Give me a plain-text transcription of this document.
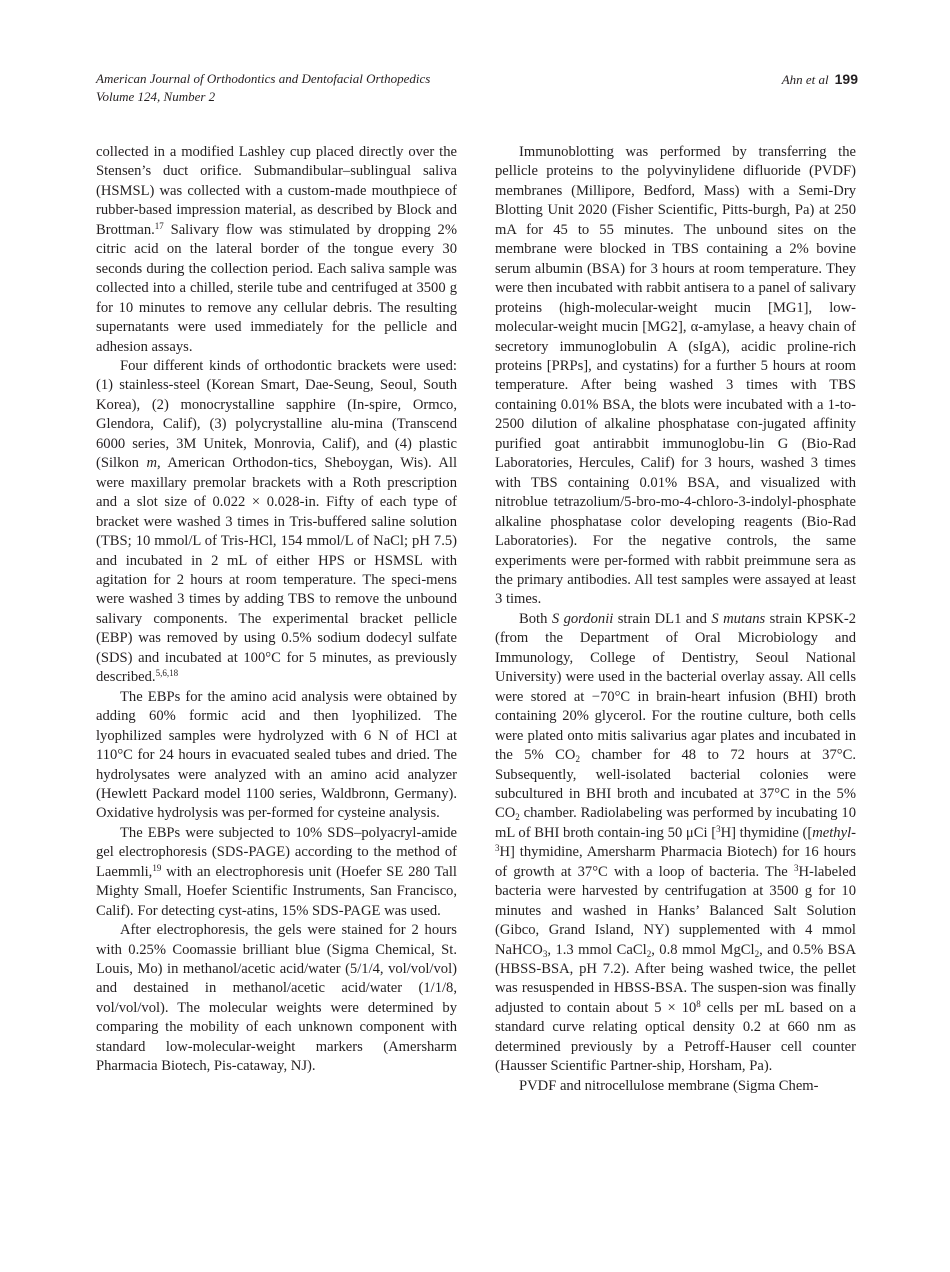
American Journal of Orthodontics and Dentofacial Orthopedics
Volume 124, Number 2
Ahn et al 199

collected in a modified Lashley cup placed directly over the Stensen’s duct orifice. Submandibular–sublingual saliva (HSMSL) was collected with a custom-made mouthpiece of rubber-based impression material, as described by Block and Brottman.$^{17}$ Salivary flow was stimulated by dropping 2% citric acid on the lateral border of the tongue every 30 seconds during the collection period. Each saliva sample was collected into a chilled, sterile tube and centrifuged at 3500 g for 10 minutes to remove any cellular debris. The resulting supernatants were used immediately for the pellicle and adhesion assays.

Four different kinds of orthodontic brackets were used: (1) stainless-steel (Korean Smart, Dae-Seung, Seoul, South Korea), (2) monocrystalline sapphire (In-spire, Ormco, Glendora, Calif), (3) polycrystalline alu-mina (Transcend 6000 series, 3M Unitek, Monrovia, Calif), and (4) plastic (Silkon m, American Orthodon-tics, Sheboygan, Wis). All were maxillary premolar brackets with a Roth prescription and a slot size of 0.022 × 0.028-in. Fifty of each type of bracket were washed 3 times in Tris-buffered saline solution (TBS; 10 mmol/L of Tris-HCl, 154 mmol/L of NaCl; pH 7.5) and incubated in 2 mL of either HPS or HSMSL with agitation for 2 hours at room temperature. The speci-mens were washed 3 times by adding TBS to remove the unbound salivary components. The experimental bracket pellicle (EBP) was removed by using 0.5% sodium dodecyl sulfate (SDS) and incubated at 100°C for 5 minutes, as previously described.$^{5,6,18}$

The EBPs for the amino acid analysis were obtained by adding 60% formic acid and then lyophilized. The lyophilized samples were hydrolyzed with 6 N of HCl at 110°C for 24 hours in evacuated sealed tubes and dried. The hydrolysates were analyzed with an amino acid analyzer (Hewlett Packard model 1100 series, Waldbronn, Germany). Oxidative hydrolysis was per-formed for cysteine analysis.

The EBPs were subjected to 10% SDS–polyacryl-amide gel electrophoresis (SDS-PAGE) according to the method of Laemmli,$^{19}$ with an electrophoresis unit (Hoefer SE 280 Tall Mighty Small, Hoefer Scientific Instruments, San Francisco, Calif). For detecting cyst-atins, 15% SDS-PAGE was used.

After electrophoresis, the gels were stained for 2 hours with 0.25% Coomassie brilliant blue (Sigma Chemical, St. Louis, Mo) in methanol/acetic acid/water (5/1/4, vol/vol/vol) and destained in methanol/acetic acid/water (1/1/8, vol/vol/vol). The molecular weights were determined by comparing the mobility of each unknown component with standard low-molecular-weight markers (Amersharm Pharmacia Biotech, Pis-cataway, NJ).

Immunoblotting was performed by transferring the pellicle proteins to the polyvinylidene difluoride (PVDF) membranes (Millipore, Bedford, Mass) with a Semi-Dry Blotting Unit 2020 (Fisher Scientific, Pitts-burgh, Pa) at 250 mA for 45 to 55 minutes. The unbound sites on the membrane were blocked in TBS containing a 2% bovine serum albumin (BSA) for 3 hours at room temperature. They were then incubated with rabbit antisera to a panel of salivary proteins (high-molecular-weight mucin [MG1], low-molecular-weight mucin [MG2], α-amylase, a heavy chain of secretory immunoglobulin A (sIgA), acidic proline-rich proteins [PRPs], and cystatins) for a further 5 hours at room temperature. After being washed 3 times with TBS containing 0.01% BSA, the blots were incubated with a 1-to-2500 dilution of alkaline phosphatase con-jugated affinity purified goat antirabbit immunoglobu-lin G (Bio-Rad Laboratories, Hercules, Calif) for 3 hours, washed 3 times with TBS containing 0.01% BSA, and visualized with nitroblue tetrazolium/5-bro-mo-4-chloro-3-indolyl-phosphate alkaline phosphatase color developing reagents (Bio-Rad Laboratories). For the negative controls, the same experiments were per-formed with rabbit preimmune sera as the primary antibodies. All test samples were assayed at least 3 times.

Both S gordonii strain DL1 and S mutans strain KPSK-2 (from the Department of Oral Microbiology and Immunology, College of Dentistry, Seoul National University) were used in the bacterial overlay assay. All cells were stored at −70°C in brain-heart infusion (BHI) broth containing 20% glycerol. For the routine culture, both cells were plated onto mitis salivarius agar plates and incubated in the 5% $CO_2$ chamber for 48 to 72 hours at 37°C. Subsequently, well-isolated bacterial colonies were subcultured in BHI broth and incubated at 37°C in the 5% $CO_2$ chamber. Radiolabeling was performed by incubating 10 mL of BHI broth contain-ing 50 μCi [$^3$H] thymidine ([methyl-$^3$H] thymidine, Amersharm Pharmacia Biotech) for 16 hours of growth at 37°C with a loop of bacteria. The $^3$H-labeled bacteria were harvested by centrifugation at 3500 g for 10 minutes and washed in Hanks’ Balanced Salt Solution (Gibco, Grand Island, NY) supplemented with 4 mmol NaHCO$_3$, 1.3 mmol CaCl$_2$, 0.8 mmol MgCl$_2$, and 0.5% BSA (HBSS-BSA, pH 7.2). After being washed twice, the pellet was resuspended in HBSS-BSA. The suspen-sion was finally adjusted to contain about $5 \times 10^8$ cells per mL based on a standard curve relating optical density 0.2 at 660 nm as determined previously by a Petroff-Hauser cell counter (Hausser Scientific Partner-ship, Horsham, Pa).

PVDF and nitrocellulose membrane (Sigma Chem-
